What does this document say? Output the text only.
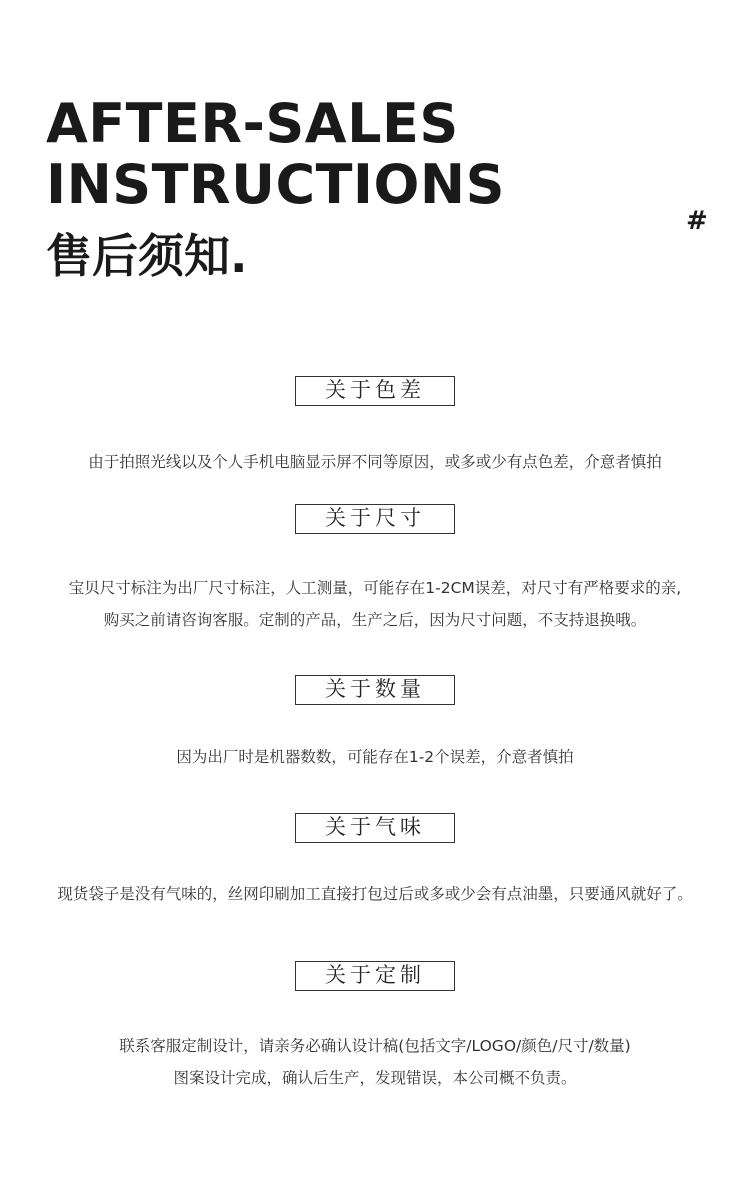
AFTER-SALES
INSTRUCTIONS
售后须知.
#
关于色差

由于拍照光线以及个人手机电脑显示屏不同等原因，或多或少有点色差，介意者慎拍

关于尺寸

宝贝尺寸标注为出厂尺寸标注，人工测量，可能存在1-2CM误差，对尺寸有严格要求的亲,

购买之前请咨询客服。定制的产品，生产之后，因为尺寸问题，不支持退换哦。

关于数量

因为出厂时是机器数数，可能存在1-2个误差，介意者慎拍

关于气味

现货袋子是没有气味的，丝网印刷加工直接打包过后或多或少会有点油墨，只要通风就好了。

关于定制

联系客服定制设计，请亲务必确认设计稿(包括文字/LOGO/颜色/尺寸/数量)

图案设计完成，确认后生产，发现错误，本公司概不负责。
